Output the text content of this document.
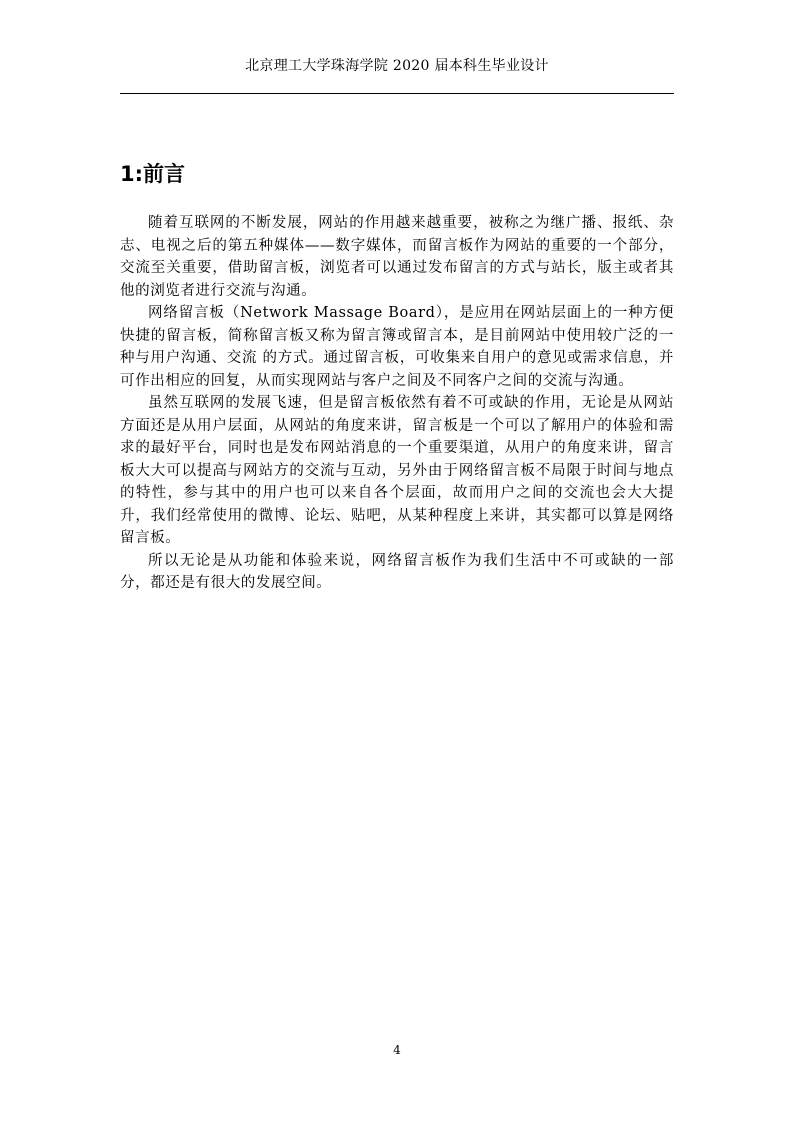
北京理工大学珠海学院 2020 届本科生毕业设计
1:前言

随着互联网的不断发展，网站的作用越来越重要，被称之为继广播、报纸、杂志、电视之后的第五种媒体——数字媒体，而留言板作为网站的重要的一个部分，交流至关重要，借助留言板，浏览者可以通过发布留言的方式与站长，版主或者其他的浏览者进行交流与沟通。

网络留言板（Network Massage Board），是应用在网站层面上的一种方便快捷的留言板，简称留言板又称为留言簿或留言本，是目前网站中使用较广泛的一种与用户沟通、交流 的方式。通过留言板，可收集来自用户的意见或需求信息，并可作出相应的回复，从而实现网站与客户之间及不同客户之间的交流与沟通。

虽然互联网的发展飞速，但是留言板依然有着不可或缺的作用，无论是从网站方面还是从用户层面，从网站的角度来讲，留言板是一个可以了解用户的体验和需求的最好平台，同时也是发布网站消息的一个重要渠道，从用户的角度来讲，留言板大大可以提高与网站方的交流与互动，另外由于网络留言板不局限于时间与地点的特性，参与其中的用户也可以来自各个层面，故而用户之间的交流也会大大提升，我们经常使用的微博、论坛、贴吧，从某种程度上来讲，其实都可以算是网络留言板。

所以无论是从功能和体验来说，网络留言板作为我们生活中不可或缺的一部分，都还是有很大的发展空间。

4
